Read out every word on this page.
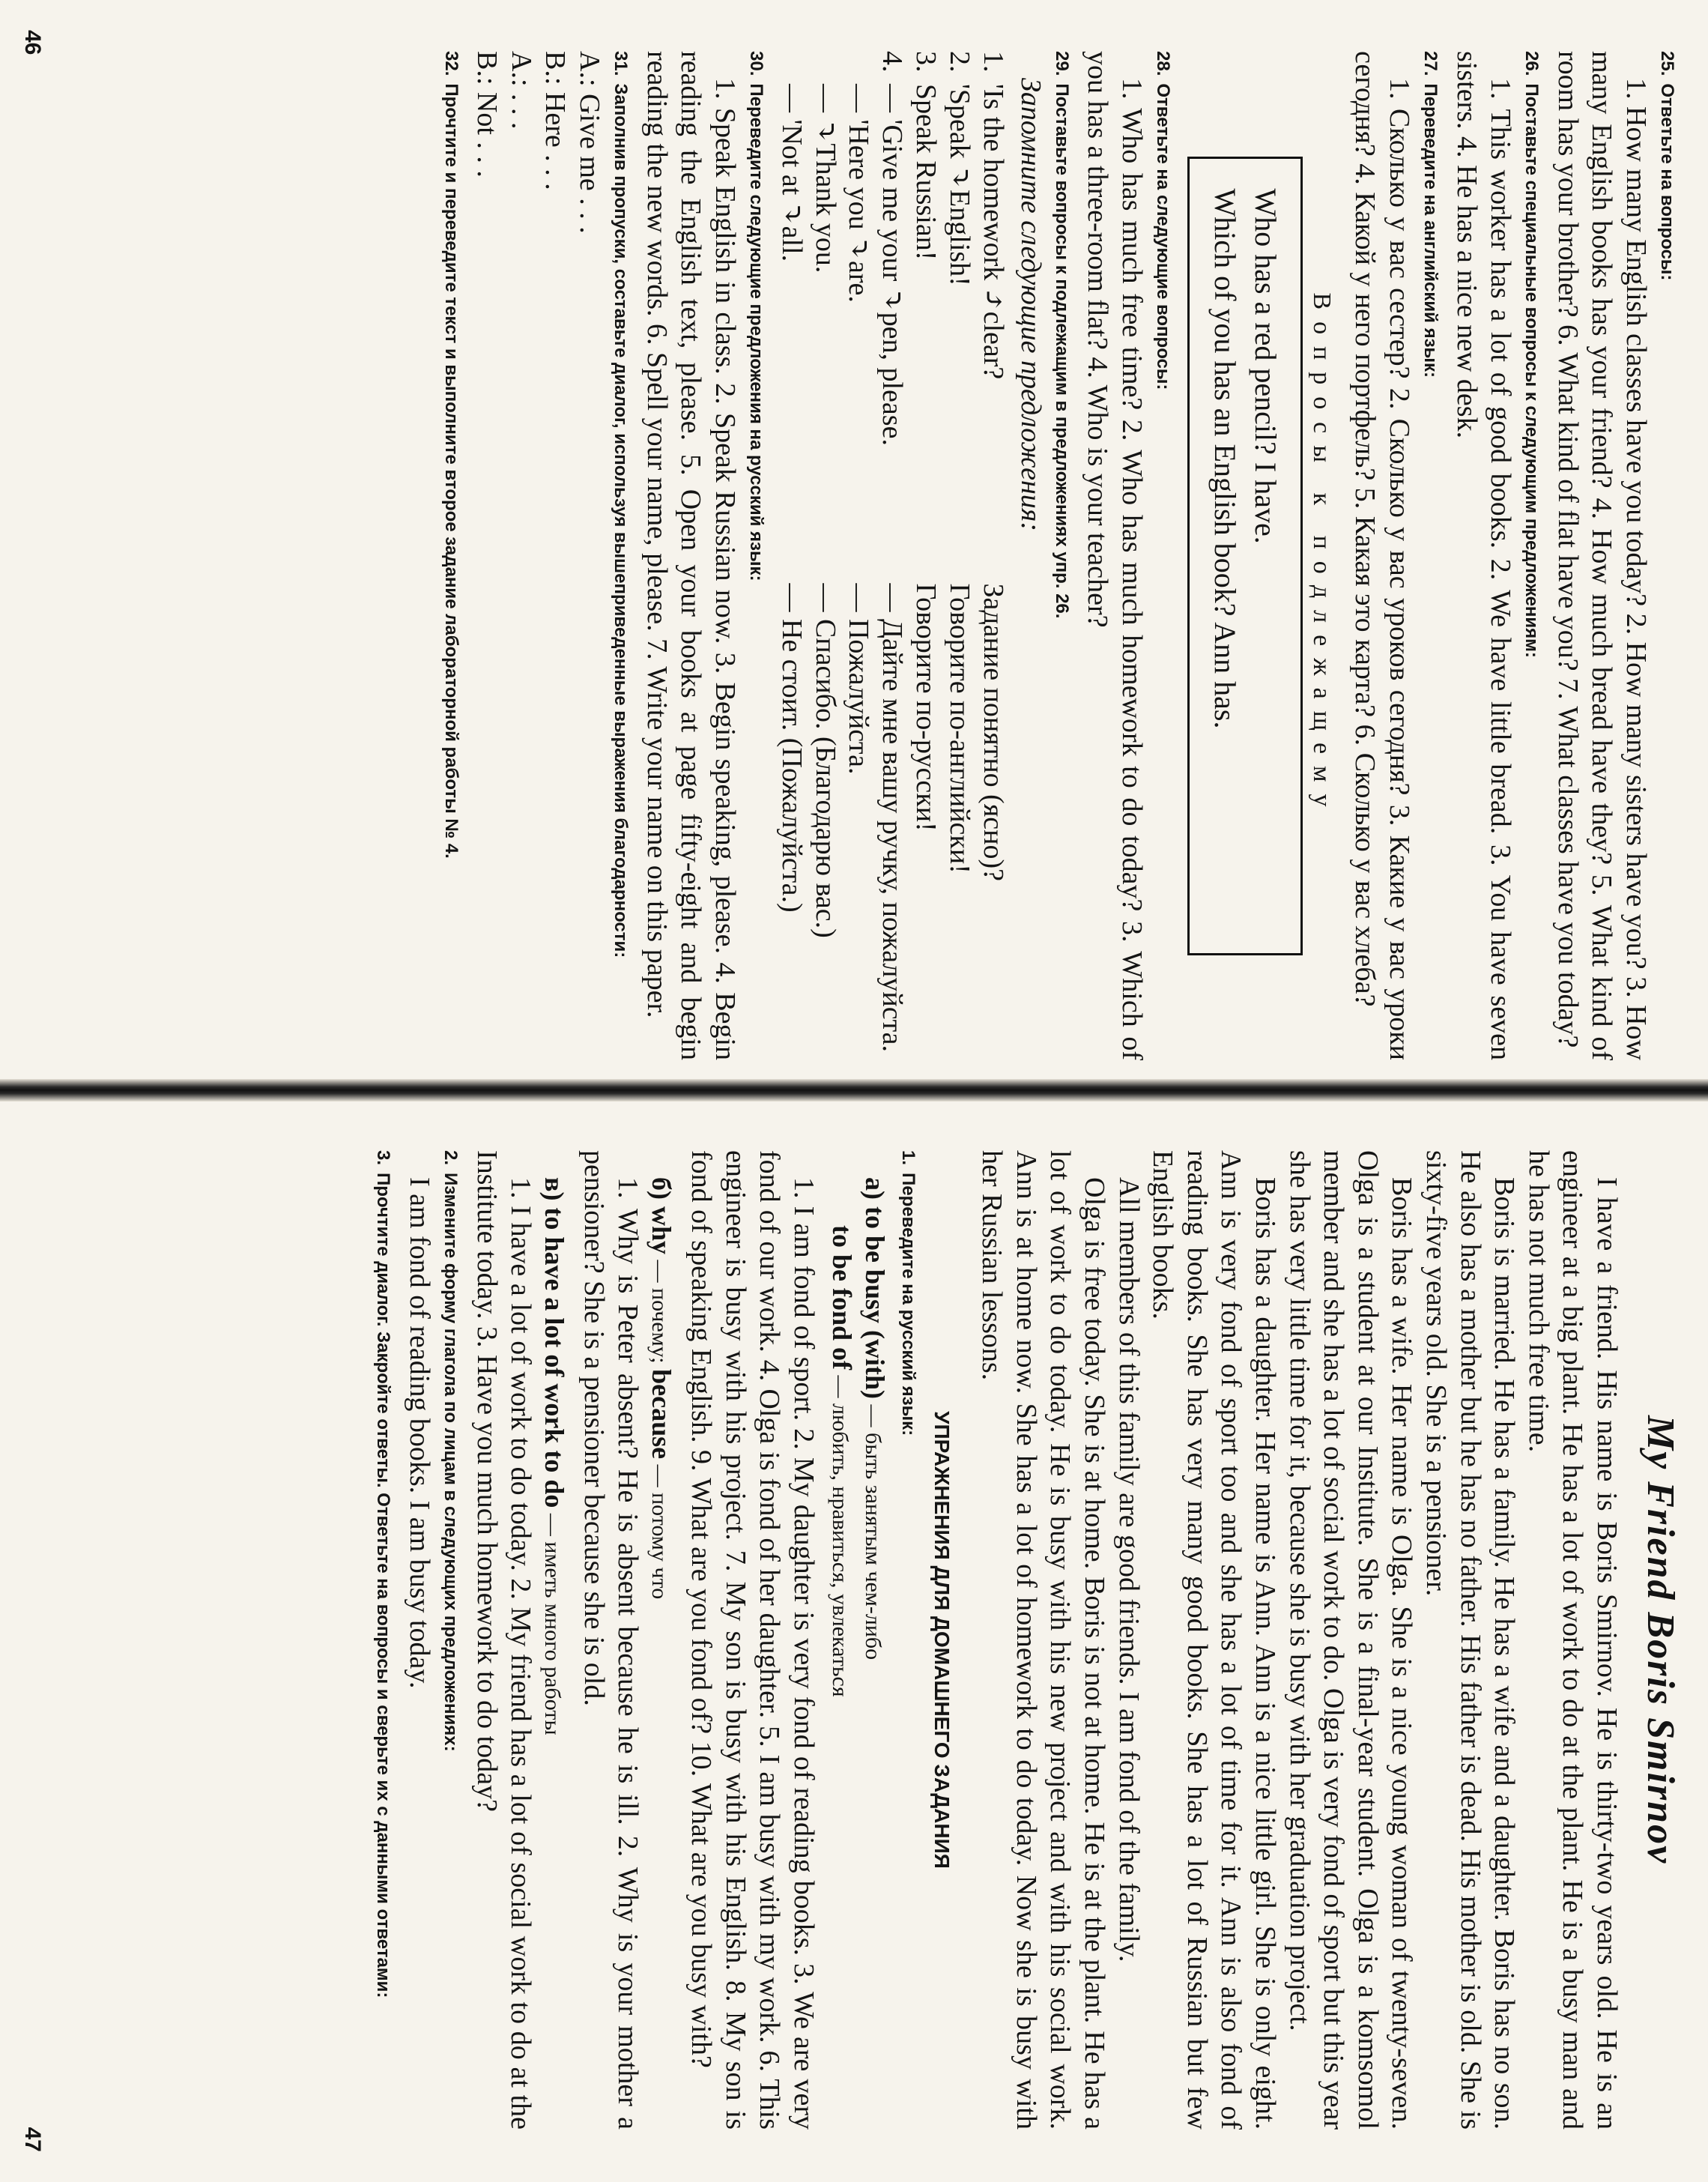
25.Ответьте на вопросы:

1. How many English classes have you today? 2. How many sisters have you? 3. How many English books has your friend? 4. How much bread have they? 5. What kind of room has your brother? 6. What kind of flat have you? 7. What classes have you today?

26.Поставьте специальные вопросы к следующим предложениям:

1. This worker has a lot of good books. 2. We have little bread. 3. You have seven sisters. 4. He has a nice new desk.

27.Переведите на английский язык:

1. Сколько у вас сестер? 2. Сколько у вас уроков сегодня? 3. Какие у вас уроки сегодня? 4. Какой у него портфель? 5. Какая это карта? 6. Сколько у вас хлеба?

Вопросы к подлежащему
Who has a red pencil? I have.
Which of you has an English book? Ann has.
28.Ответьте на следующие вопросы:

1. Who has much free time? 2. Who has much homework to do today? 3. Which of you has a three-room flat? 4. Who is your teacher?

29.Поставьте вопросы к подлежащим в предложениях упр. 26.

Запомните следующие предложения:

1.
'Is the homework ⤴clear?
Задание понятно (ясно)?
2.
'Speak ⤵English!
Говорите по-английски!
3.
Speak Russian!
Говорите по-русски!
4.
— 'Give me your ⤵pen, please.
— Дайте мне вашу ручку, пожалуйста.
— 'Here you ⤵are.
— Пожалуйста.
— ⤵Thank you.
— Спасибо. (Благодарю вас.)
— 'Not at ⤵all.
— Не стоит. (Пожалуйста.)
30.Переведите следующие предложения на русский язык:

1. Speak English in class. 2. Speak Russian now. 3. Begin speaking, please. 4. Begin reading the English text, please. 5. Open your books at page fifty-eight and begin reading the new words. 6. Spell your name, please. 7. Write your name on this paper.

31.Заполнив пропуски, составьте диалог, используя вышеприведенные выражения благодарности:
A.: Give me . . .
B.: Here . . .
A.: . . .
B.: Not . . .
32.Прочтите и переведите текст и выполните второе задание лабораторной работы № 4.
46
My Friend Boris Smirnov

I have a friend. His name is Boris Smirnov. He is thirty-two years old. He is an engineer at a big plant. He has a lot of work to do at the plant. He is a busy man and he has not much free time.

Boris is married. He has a family. He has a wife and a daughter. Boris has no son. He also has a mother but he has no father. His father is dead. His mother is old. She is sixty-five years old. She is a pensioner.

Boris has a wife. Her name is Olga. She is a nice young woman of twenty-seven. Olga is a student at our Institute. She is a final-year student. Olga is a komsomol member and she has a lot of social work to do. Olga is very fond of sport but this year she has very little time for it, because she is busy with her graduation project.

Boris has a daughter. Her name is Ann. Ann is a nice little girl. She is only eight. Ann is very fond of sport too and she has a lot of time for it. Ann is also fond of reading books. She has very many good books. She has a lot of Russian but few English books.

All members of this family are good friends. I am fond of the family.

Olga is free today. She is at home. Boris is not at home. He is at the plant. He has a lot of work to do today. He is busy with his new project and with his social work. Ann is at home now. She has a lot of homework to do today. Now she is busy with her Russian lessons.

УПРАЖНЕНИЯ ДЛЯ ДОМАШНЕГО ЗАДАНИЯ
1.Переведите на русский язык:
а) to be busy (with) — быть занятым чем-либо
to be fond of — любить, нравиться, увлекаться

1. I am fond of sport. 2. My daughter is very fond of reading books. 3. We are very fond of our work. 4. Olga is fond of her daughter. 5. I am busy with my work. 6. This engineer is busy with his project. 7. My son is busy with his English. 8. My son is fond of speaking English. 9. What are you fond of? 10. What are you busy with?

б) why — почему; because — потому что

1. Why is Peter absent? He is absent because he is ill. 2. Why is your mother a pensioner? She is a pensioner because she is old.

в) to have a lot of work to do — иметь много работы

1. I have a lot of work to do today. 2. My friend has a lot of social work to do at the Institute today. 3. Have you much homework to do today?

2.Измените форму глагола по лицам в следующих предложениях:

I am fond of reading books. I am busy today.

3.Прочтите диалог. Закройте ответы. Ответьте на вопросы и сверьте их с данными ответами:
47
